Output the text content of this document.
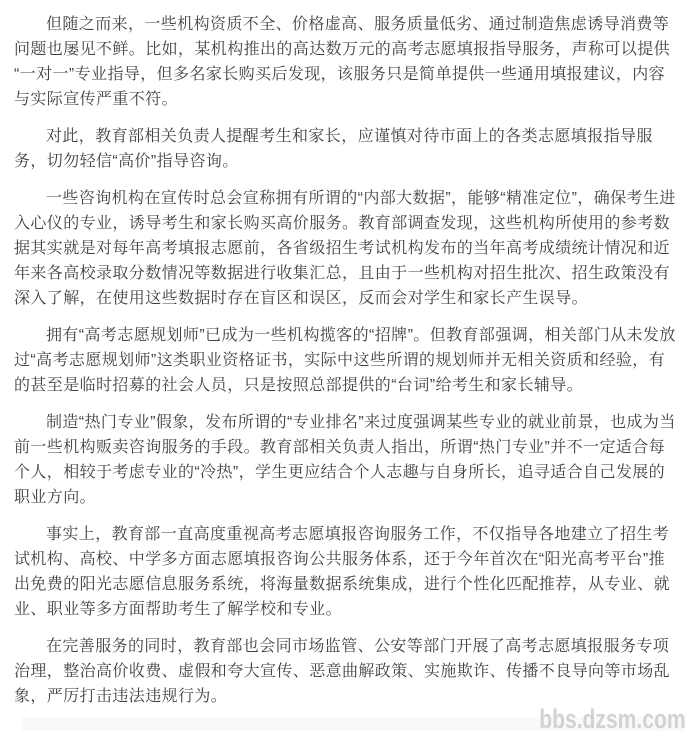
但随之而来，一些机构资质不全、价格虚高、服务质量低劣、通过制造焦虑诱导消费等问题也屡见不鲜。比如，某机构推出的高达数万元的高考志愿填报指导服务，声称可以提供“一对一”专业指导，但多名家长购买后发现，该服务只是简单提供一些通用填报建议，内容与实际宣传严重不符。

对此，教育部相关负责人提醒考生和家长，应谨慎对待市面上的各类志愿填报指导服务，切勿轻信“高价”指导咨询。

一些咨询机构在宣传时总会宣称拥有所谓的“内部大数据”，能够“精准定位”，确保考生进入心仪的专业，诱导考生和家长购买高价服务。教育部调查发现，这些机构所使用的参考数据其实就是对每年高考填报志愿前，各省级招生考试机构发布的当年高考成绩统计情况和近年来各高校录取分数情况等数据进行收集汇总，且由于一些机构对招生批次、招生政策没有深入了解，在使用这些数据时存在盲区和误区，反而会对学生和家长产生误导。

拥有“高考志愿规划师”已成为一些机构揽客的“招牌”。但教育部强调，相关部门从未发放过“高考志愿规划师”这类职业资格证书，实际中这些所谓的规划师并无相关资质和经验，有的甚至是临时招募的社会人员，只是按照总部提供的“台词”给考生和家长辅导。

制造“热门专业”假象，发布所谓的“专业排名”来过度强调某些专业的就业前景，也成为当前一些机构贩卖咨询服务的手段。教育部相关负责人指出，所谓“热门专业”并不一定适合每个人，相较于考虑专业的“冷热”，学生更应结合个人志趣与自身所长，追寻适合自己发展的职业方向。

事实上，教育部一直高度重视高考志愿填报咨询服务工作，不仅指导各地建立了招生考试机构、高校、中学多方面志愿填报咨询公共服务体系，还于今年首次在“阳光高考平台”推出免费的阳光志愿信息服务系统，将海量数据系统集成，进行个性化匹配推荐，从专业、就业、职业等多方面帮助考生了解学校和专业。

在完善服务的同时，教育部也会同市场监管、公安等部门开展了高考志愿填报服务专项治理，整治高价收费、虚假和夸大宣传、恶意曲解政策、实施欺诈、传播不良导向等市场乱象，严厉打击违法违规行为。

bbs.dzsm.com
